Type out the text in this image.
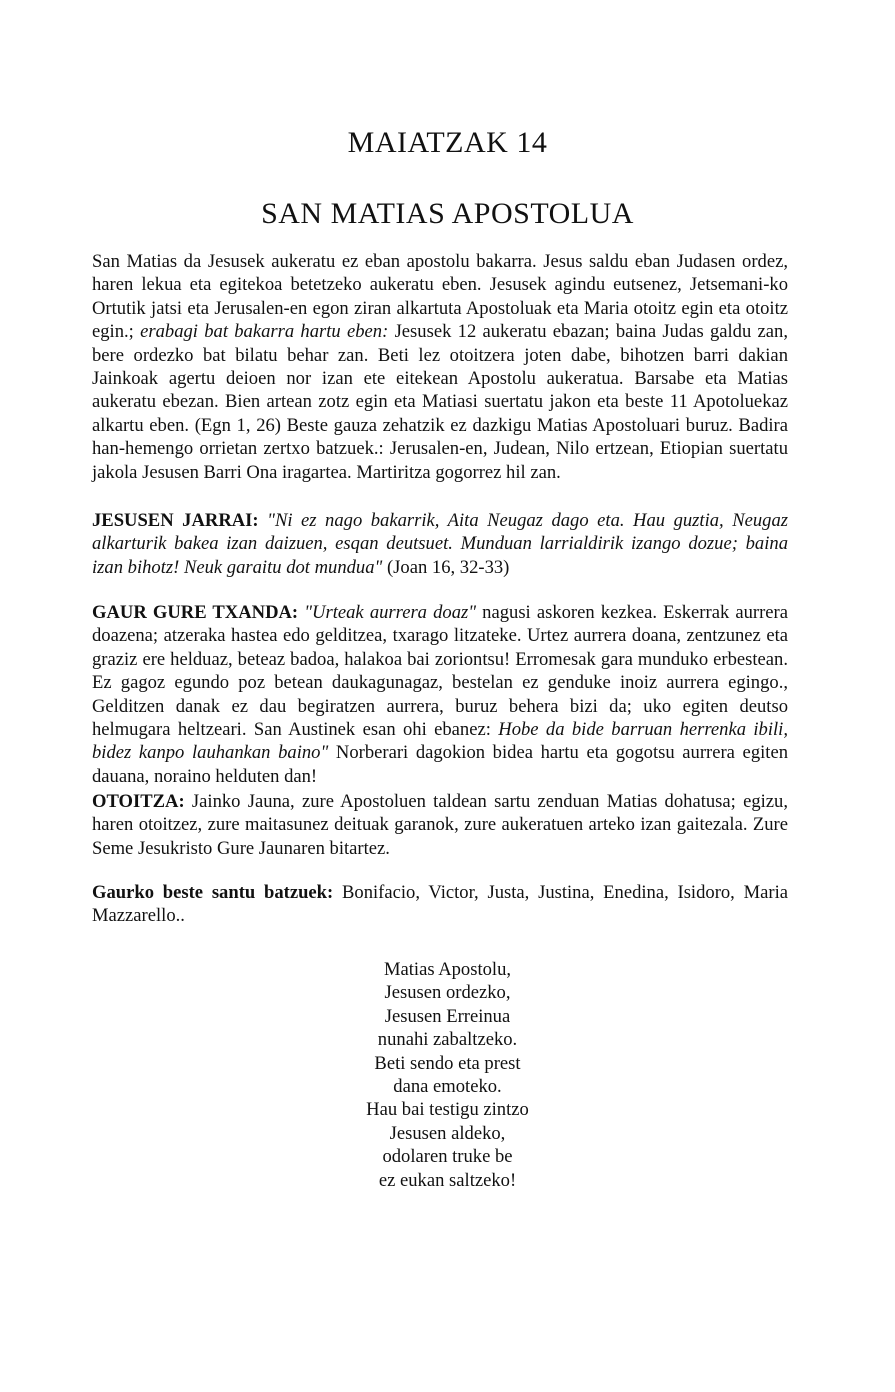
MAIATZAK 14
SAN MATIAS APOSTOLUA

San Matias da Jesusek aukeratu ez eban apostolu bakarra. Jesus saldu eban Judasen ordez, haren lekua eta egitekoa betetzeko aukeratu eben. Jesusek agindu eutsenez, Jetsemani-ko Ortutik jatsi eta Jerusalen-en egon ziran alkartuta Apostoluak eta Maria otoitz egin eta otoitz egin.; erabagi bat bakarra hartu eben: Jesusek 12 aukeratu ebazan; baina Judas galdu zan, bere ordezko bat bilatu behar zan. Beti lez otoitzera joten dabe, bihotzen barri dakian Jainkoak agertu deioen nor izan ete eitekean Apostolu aukeratua. Barsabe eta Matias aukeratu ebezan. Bien artean zotz egin eta Matiasi suertatu jakon eta beste 11 Apotoluekaz alkartu eben. (Egn 1, 26) Beste gauza zehatzik ez dazkigu Matias Apostoluari buruz. Badira han-hemengo orrietan zertxo batzuek.: Jerusalen-en, Judean, Nilo ertzean, Etiopian suertatu jakola Jesusen Barri Ona iragartea. Martiritza gogorrez hil zan.

JESUSEN JARRAI: "Ni ez nago bakarrik, Aita Neugaz dago eta. Hau guztia, Neugaz alkarturik bakea izan daizuen, esqan deutsuet. Munduan larrialdirik izango dozue; baina izan bihotz! Neuk garaitu dot mundua" (Joan 16, 32-33)

GAUR GURE TXANDA: "Urteak aurrera doaz" nagusi askoren kezkea. Eskerrak aurrera doazena; atzeraka hastea edo gelditzea, txarago litzateke. Urtez aurrera doana, zentzunez eta graziz ere helduaz, beteaz badoa, halakoa bai zoriontsu! Erromesak gara munduko erbestean. Ez gagoz egundo poz betean daukagunagaz, bestelan ez genduke inoiz aurrera egingo., Gelditzen danak ez dau begiratzen aurrera, buruz behera bizi da; uko egiten deutso helmugara heltzeari. San Austinek esan ohi ebanez: Hobe da bide barruan herrenka ibili, bidez kanpo lauhankan baino" Norberari dagokion bidea hartu eta gogotsu aurrera egiten dauana, noraino helduten dan!

OTOITZA: Jainko Jauna, zure Apostoluen taldean sartu zenduan Matias dohatusa; egizu, haren otoitzez, zure maitasunez deituak garanok, zure aukeratuen arteko izan gaitezala. Zure Seme Jesukristo Gure Jaunaren bitartez.

Gaurko beste santu batzuek: Bonifacio, Victor, Justa, Justina, Enedina, Isidoro, Maria Mazzarello..

Matias Apostolu,
Jesusen ordezko,
Jesusen Erreinua
nunahi zabaltzeko.
Beti sendo eta prest
dana emoteko.
Hau bai testigu zintzo
Jesusen aldeko,
odolaren truke be
ez eukan saltzeko!
